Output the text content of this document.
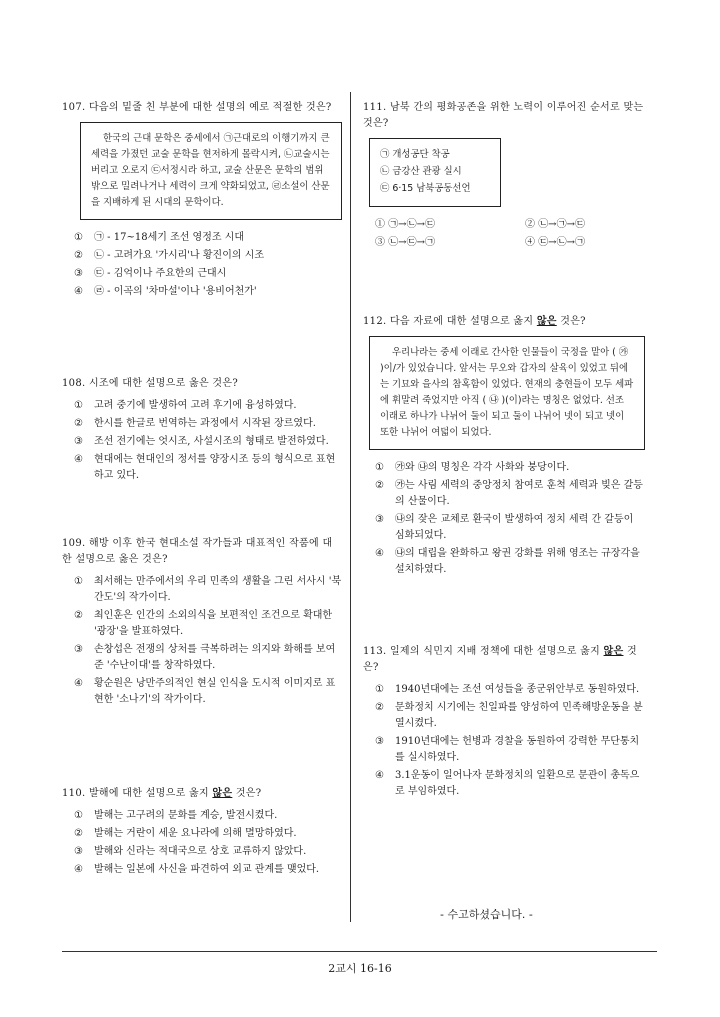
107. 다음의 밑줄 친 부분에 대한 설명의 예로 적절한 것은?

한국의 근대 문학은 중세에서 ㉠근대로의 이행기까지 큰 세력을 가졌던 교술 문학을 현저하게 몰락시켜, ㉡교술시는 버리고 오로지 ㉢서정시라 하고, 교술 산문은 문학의 범위 밖으로 밀려나거나 세력이 크게 약화되었고, ㉣소설이 산문을 지배하게 된 시대의 문학이다.

①	㉠ - 17~18세기 조선 영정조 시대
②	㉡ - 고려가요 '가시리'나 황진이의 시조
③	㉢ - 김억이나 주요한의 근대시
④	㉣ - 이곡의 '차마설'이나 '용비어천가'

108. 시조에 대한 설명으로 옳은 것은?

①	고려 중기에 발생하여 고려 후기에 융성하였다.
②	한시를 한글로 번역하는 과정에서 시작된 장르였다.
③	조선 전기에는 엇시조, 사설시조의 형태로 발전하였다.
④	현대에는 현대인의 정서를 양장시조 등의 형식으로 표현하고 있다.

109. 해방 이후 한국 현대소설 작가들과 대표적인 작품에 대한 설명으로 옳은 것은?

①	최서해는 만주에서의 우리 민족의 생활을 그린 서사시 '북간도'의 작가이다.
②	최인훈은 인간의 소외의식을 보편적인 조건으로 확대한 '광장'을 발표하였다.
③	손창섭은 전쟁의 상처를 극복하려는 의지와 화해를 보여 준 '수난이대'를 창작하였다.
④	황순원은 낭만주의적인 현실 인식을 도시적 이미지로 표현한 '소나기'의 작가이다.

110. 발해에 대한 설명으로 옳지 않은 것은?

①	발해는 고구려의 문화를 계승, 발전시켰다.
②	발해는 거란이 세운 요나라에 의해 멸망하였다.
③	발해와 신라는 적대국으로 상호 교류하지 않았다.
④	발해는 일본에 사신을 파견하여 외교 관계를 맺었다.

111. 남북 간의 평화공존을 위한 노력이 이루어진 순서로 맞는 것은?

㉠ 개성공단 착공

㉡ 금강산 관광 실시

㉢ 6·15 남북공동선언

① ㉠→㉡→㉢	② ㉡→㉠→㉢
③ ㉡→㉢→㉠	④ ㉢→㉡→㉠

112. 다음 자료에 대한 설명으로 옳지 않은 것은?

우리나라는 중세 이래로 간사한 인물들이 국정을 맡아 ( ㉮ )이/가 있었습니다. 앞서는 무오와 갑자의 살육이 있었고 뒤에는 기묘와 을사의 참혹함이 있었다. 현재의 충현들이 모두 세파에 휘말려 죽었지만 아직 ( ㉯ )(이)라는 명칭은 없었다. 선조 이래로 하나가 나뉘어 둘이 되고 둘이 나뉘어 넷이 되고 넷이 또한 나뉘어 여덟이 되었다.

①	㉮와 ㉯의 명칭은 각각 사화와 붕당이다.
②	㉮는 사림 세력의 중앙정치 참여로 훈척 세력과 빚은 갈등의 산물이다.
③	㉯의 잦은 교체로 환국이 발생하여 정치 세력 간 갈등이 심화되었다.
④	㉯의 대립을 완화하고 왕권 강화를 위해 영조는 규장각을 설치하였다.

113. 일제의 식민지 지배 정책에 대한 설명으로 옳지 않은 것은?

①	1940년대에는 조선 여성들을 종군위안부로 동원하였다.
②	문화정치 시기에는 친일파를 양성하여 민족해방운동을 분열시켰다.
③	1910년대에는 헌병과 경찰을 동원하여 강력한 무단통치를 실시하였다.
④	3.1운동이 일어나자 문화정치의 일환으로 문관이 총독으로 부임하였다.
- 수고하셨습니다. -
2교시 16-16
